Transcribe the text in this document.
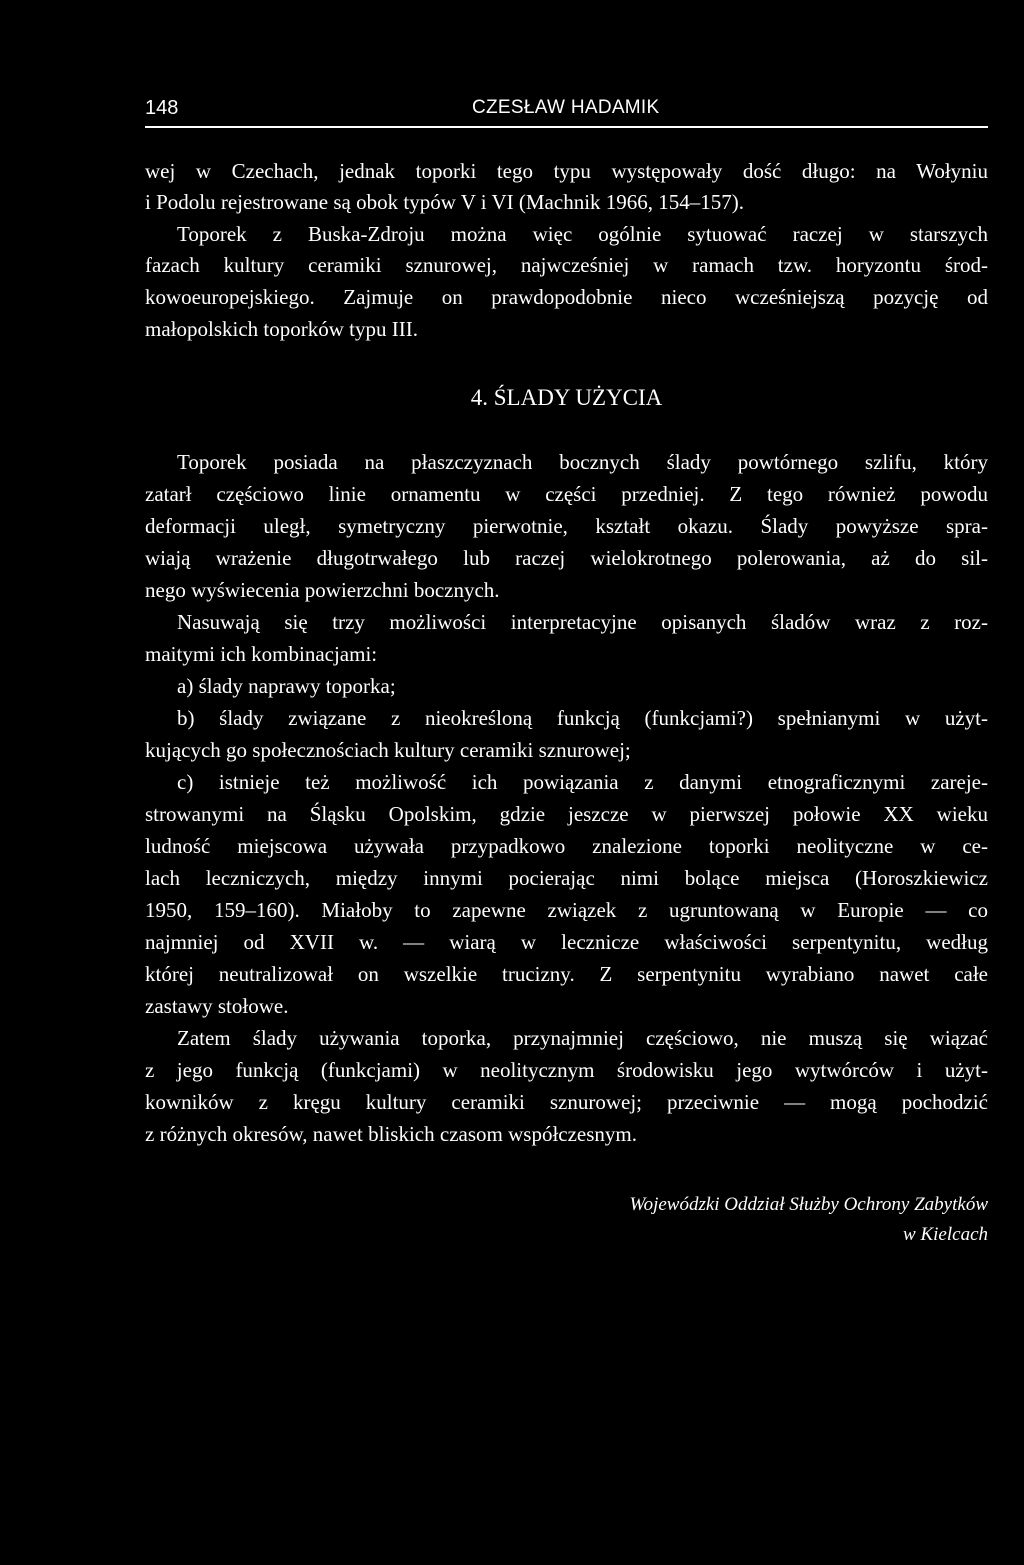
148	CZESŁAW HADAMIK
wej w Czechach, jednak toporki tego typu występowały dość długo: na Wołyniu
i Podolu rejestrowane są obok typów V i VI (Machnik 1966, 154–157).
Toporek z Buska-Zdroju można więc ogólnie sytuować raczej w starszych
fazach kultury ceramiki sznurowej, najwcześniej w ramach tzw. horyzontu środ-
kowoeuropejskiego. Zajmuje on prawdopodobnie nieco wcześniejszą pozycję od
małopolskich toporków typu III.
4. ŚLADY UŻYCIA
Toporek posiada na płaszczyznach bocznych ślady powtórnego szlifu, który
zatarł częściowo linie ornamentu w części przedniej. Z tego również powodu
deformacji uległ, symetryczny pierwotnie, kształt okazu. Ślady powyższe spra-
wiają wrażenie długotrwałego lub raczej wielokrotnego polerowania, aż do sil-
nego wyświecenia powierzchni bocznych.
Nasuwają się trzy możliwości interpretacyjne opisanych śladów wraz z roz-
maitymi ich kombinacjami:
a) ślady naprawy toporka;
b) ślady związane z nieokreśloną funkcją (funkcjami?) spełnianymi w użyt-
kujących go społecznościach kultury ceramiki sznurowej;
c) istnieje też możliwość ich powiązania z danymi etnograficznymi zareje-
strowanymi na Śląsku Opolskim, gdzie jeszcze w pierwszej połowie XX wieku
ludność miejscowa używała przypadkowo znalezione toporki neolityczne w ce-
lach leczniczych, między innymi pocierając nimi bolące miejsca (Horoszkiewicz
1950, 159–160). Miałoby to zapewne związek z ugruntowaną w Europie — co
najmniej od XVII w. — wiarą w lecznicze właściwości serpentynitu, według
której neutralizował on wszelkie trucizny. Z serpentynitu wyrabiano nawet całe
zastawy stołowe.
Zatem ślady używania toporka, przynajmniej częściowo, nie muszą się wiązać
z jego funkcją (funkcjami) w neolitycznym środowisku jego wytwórców i użyt-
kowników z kręgu kultury ceramiki sznurowej; przeciwnie — mogą pochodzić
z różnych okresów, nawet bliskich czasom współczesnym.
Wojewódzki Oddział Służby Ochrony Zabytków
w Kielcach
